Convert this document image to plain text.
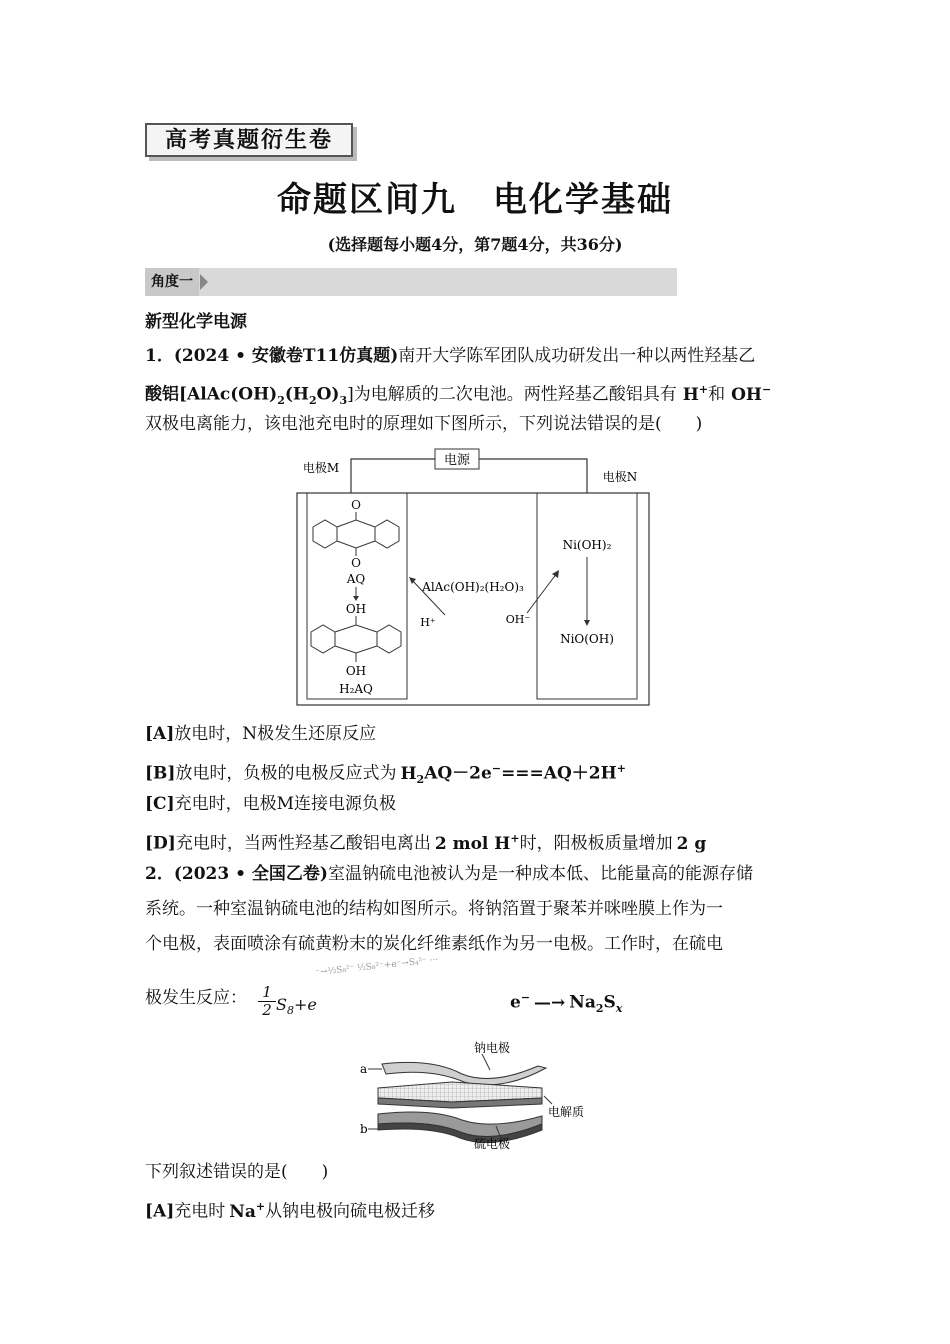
高考真题衍生卷
命题区间九　电化学基础
(选择题每小题4分，第7题4分，共36分)
角度一
新型化学电源
1．(2024 • 安徽卷T11仿真题)南开大学陈军团队成功研发出一种以两性羟基乙
酸铝$[AlAc(OH)_2(H_2O)_3]$为电解质的二次电池。两性羟基乙酸铝具有 H+和 OH−
双极电离能力，该电池充电时的原理如下图所示，下列说法错误的是(　　)
电源
电极M
电极N
O
O
AQ
OH
OH
H₂AQ
AlAc(OH)₂(H₂O)₃
H⁺	OH⁻
Ni(OH)₂
NiO(OH)
[A]放电时，N极发生还原反应
[B]放电时，负极的电极反应式为 $H_2AQ-2e^-===AQ+2H^+$
[C]充电时，电极M连接电源负极
[D]充电时，当两性羟基乙酸铝电离出 2 mol H+时，阳极板质量增加 2 g
2．(2023 • 全国乙卷)室温钠硫电池被认为是一种成本低、比能量高的能源存储
系统。一种室温钠硫电池的结构如图所示。将钠箔置于聚苯并咪唑膜上作为一
个电极，表面喷涂有硫黄粉末的炭化纤维素纸作为另一电极。工作时，在硫电
极发生反应： $\frac{1}{2} S_8+e$
⁻→½S₈²⁻ ½S₈²⁻+e⁻→S₄²⁻ ···
e− —→ $Na_2S_x$
a
b
钠电极
电解质
硫电极
下列叙述错误的是(　　)
[A]充电时 Na+从钠电极向硫电极迁移
